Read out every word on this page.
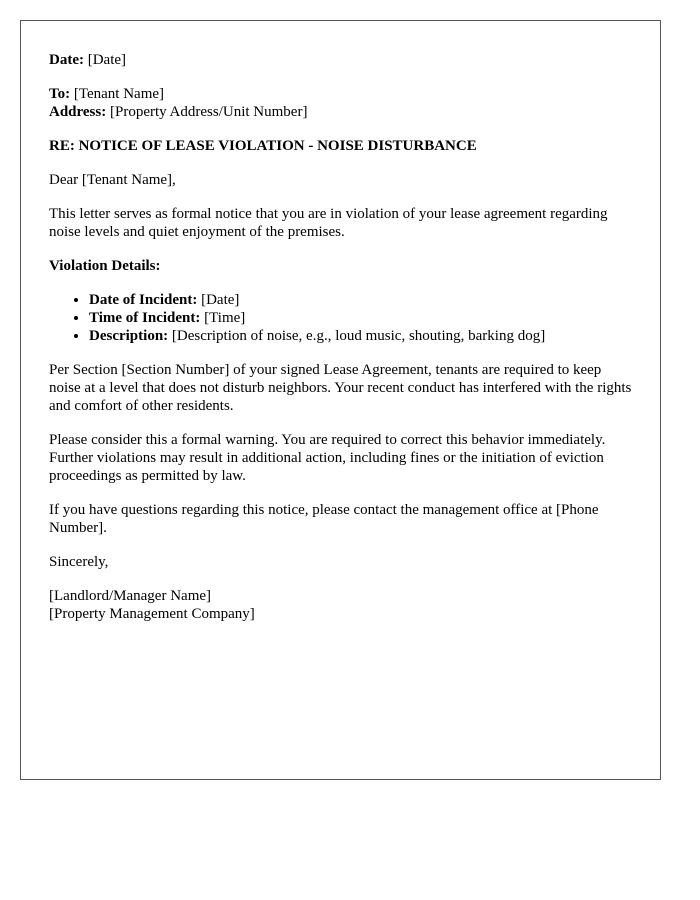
Date: [Date]

To: [Tenant Name]
Address: [Property Address/Unit Number]

RE: NOTICE OF LEASE VIOLATION - NOISE DISTURBANCE

Dear [Tenant Name],

This letter serves as formal notice that you are in violation of your lease agreement regarding noise levels and quiet enjoyment of the premises.

Violation Details:

• Date of Incident: [Date]
• Time of Incident: [Time]
• Description: [Description of noise, e.g., loud music, shouting, barking dog]

Per Section [Section Number] of your signed Lease Agreement, tenants are required to keep noise at a level that does not disturb neighbors. Your recent conduct has interfered with the rights and comfort of other residents.

Please consider this a formal warning. You are required to correct this behavior immediately. Further violations may result in additional action, including fines or the initiation of eviction proceedings as permitted by law.

If you have questions regarding this notice, please contact the management office at [Phone Number].

Sincerely,

[Landlord/Manager Name]
[Property Management Company]
